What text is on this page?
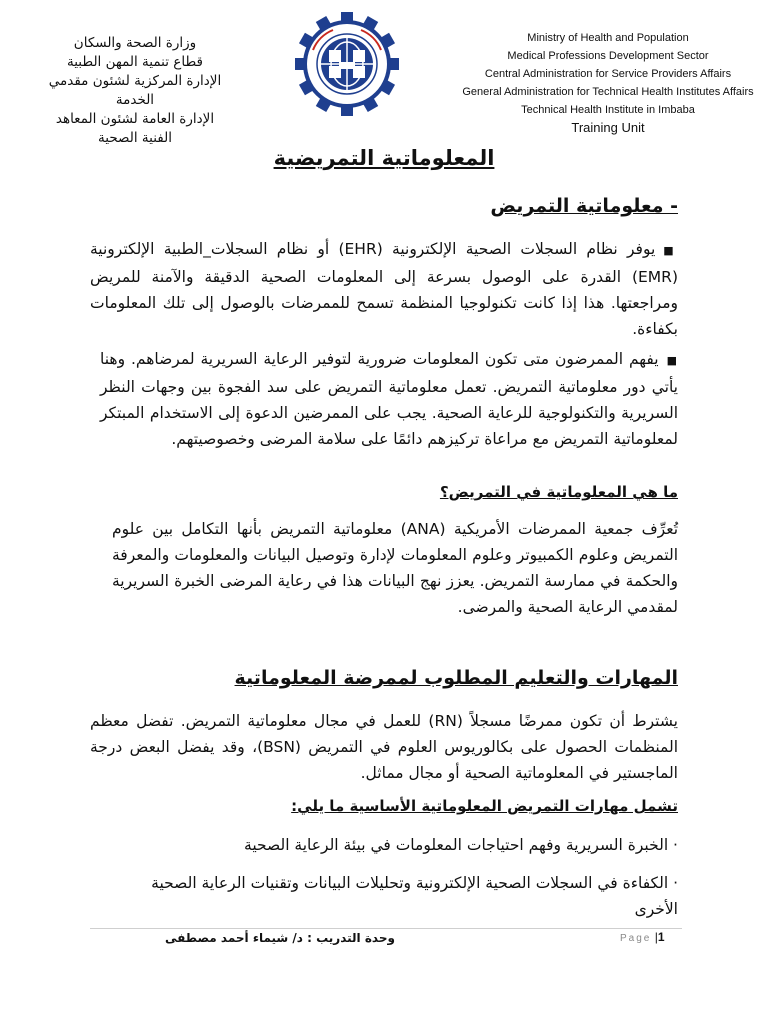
وزارة الصحة والسكان
قطاع تنمية المهن الطبية
الإدارة المركزية لشئون مقدمي
الخدمة
الإدارة العامة لشئون المعاهد
الفنية الصحية
Ministry of Health and Population
Medical Professions Development Sector
Central Administration for Service Providers Affairs
General Administration for Technical Health Institutes Affairs
Technical Health Institute in Imbaba
Training Unit
المعلوماتية التمريضية
- معلوماتية التمريض
■يوفر نظام السجلات الصحية الإلكترونية (EHR) أو نظام السجلات_الطبية الإلكترونية (EMR) القدرة على الوصول بسرعة إلى المعلومات الصحية الدقيقة والآمنة للمريض ومراجعتها. هذا إذا كانت تكنولوجيا المنظمة تسمح للممرضات بالوصول إلى تلك المعلومات بكفاءة.
■يفهم الممرضون متى تكون المعلومات ضرورية لتوفير الرعاية السريرية لمرضاهم. وهنا يأتي دور معلوماتية التمريض. تعمل معلوماتية التمريض على سد الفجوة بين وجهات النظر السريرية والتكنولوجية للرعاية الصحية. يجب على الممرضين الدعوة إلى الاستخدام المبتكر لمعلوماتية التمريض مع مراعاة تركيزهم دائمًا على سلامة المرضى وخصوصيتهم.
ما هي المعلوماتية في التمريض؟
تُعرِّف جمعية الممرضات الأمريكية (ANA) معلوماتية التمريض بأنها التكامل بين علوم التمريض وعلوم الكمبيوتر وعلوم المعلومات لإدارة وتوصيل البيانات والمعلومات والمعرفة والحكمة في ممارسة التمريض. يعزز نهج البيانات هذا في رعاية المرضى الخبرة السريرية لمقدمي الرعاية الصحية والمرضى.
المهارات والتعليم المطلوب لممرضة المعلوماتية
يشترط أن تكون ممرضًا مسجلاً (RN) للعمل في مجال معلوماتية التمريض. تفضل معظم المنظمات الحصول على بكالوريوس العلوم في التمريض (BSN)، وقد يفضل البعض درجة الماجستير في المعلوماتية الصحية أو مجال مماثل.
تشمل مهارات التمريض المعلوماتية الأساسية ما يلي:
· الخبرة السريرية وفهم احتياجات المعلومات في بيئة الرعاية الصحية
· الكفاءة في السجلات الصحية الإلكترونية وتحليلات البيانات وتقنيات الرعاية الصحية الأخرى
وحدة التدريب : د/ شيماء أحمد مصطفى	Page |1
